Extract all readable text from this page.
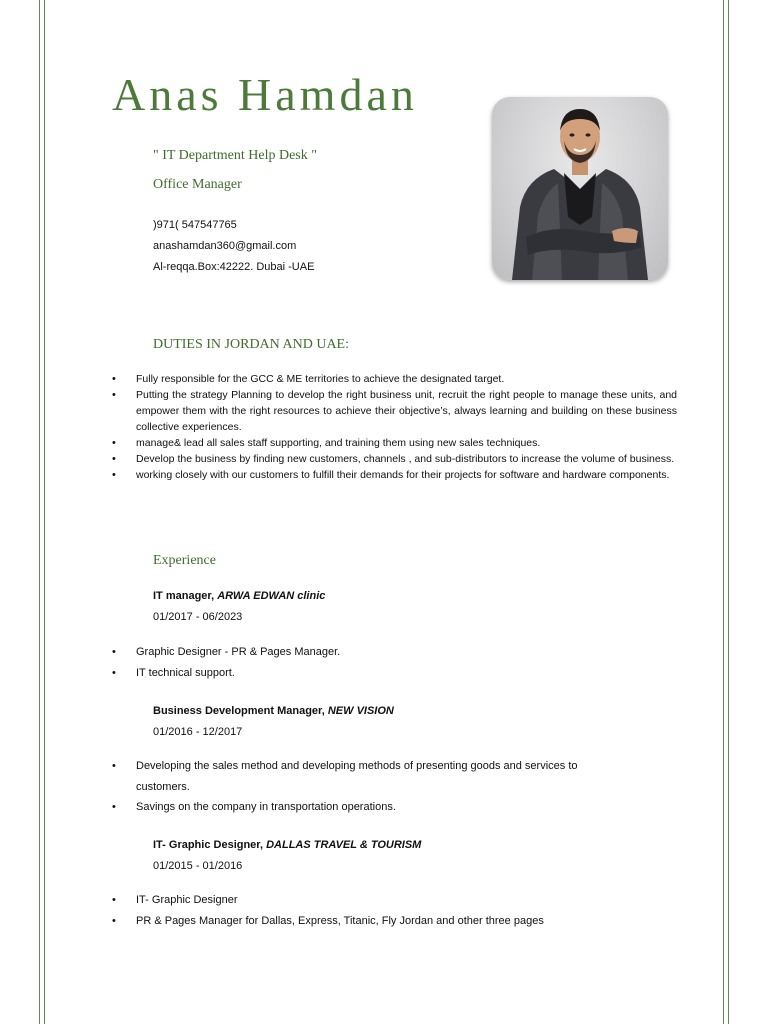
Anas Hamdan
" IT Department Help Desk "
Office Manager
)971( 547547765
anashamdan360@gmail.com
Al-reqqa.Box:42222. Dubai -UAE
DUTIES IN JORDAN AND UAE:
• Fully responsible for the GCC & ME territories to achieve the designated target.
• Putting the strategy Planning to develop the right business unit, recruit the right people to manage these units, and empower them with the right resources to achieve their objective’s, always learning and building on these business collective experiences.
• manage& lead all sales staff supporting, and training them using new sales techniques.
• Develop the business by finding new customers, channels , and sub-distributors to increase the volume of business.
• working closely with our customers to fulfill their demands for their projects for software and hardware components.
Experience
IT manager, ARWA EDWAN clinic
01/2017 - 06/2023
• Graphic Designer - PR & Pages Manager.
• IT technical support.
Business Development Manager, NEW VISION
01/2016 - 12/2017
• Developing the sales method and developing methods of presenting goods and services to
customers.
• Savings on the company in transportation operations.
IT- Graphic Designer, DALLAS TRAVEL & TOURISM
01/2015 - 01/2016
• IT- Graphic Designer
• PR & Pages Manager for Dallas, Express, Titanic, Fly Jordan and other three pages
